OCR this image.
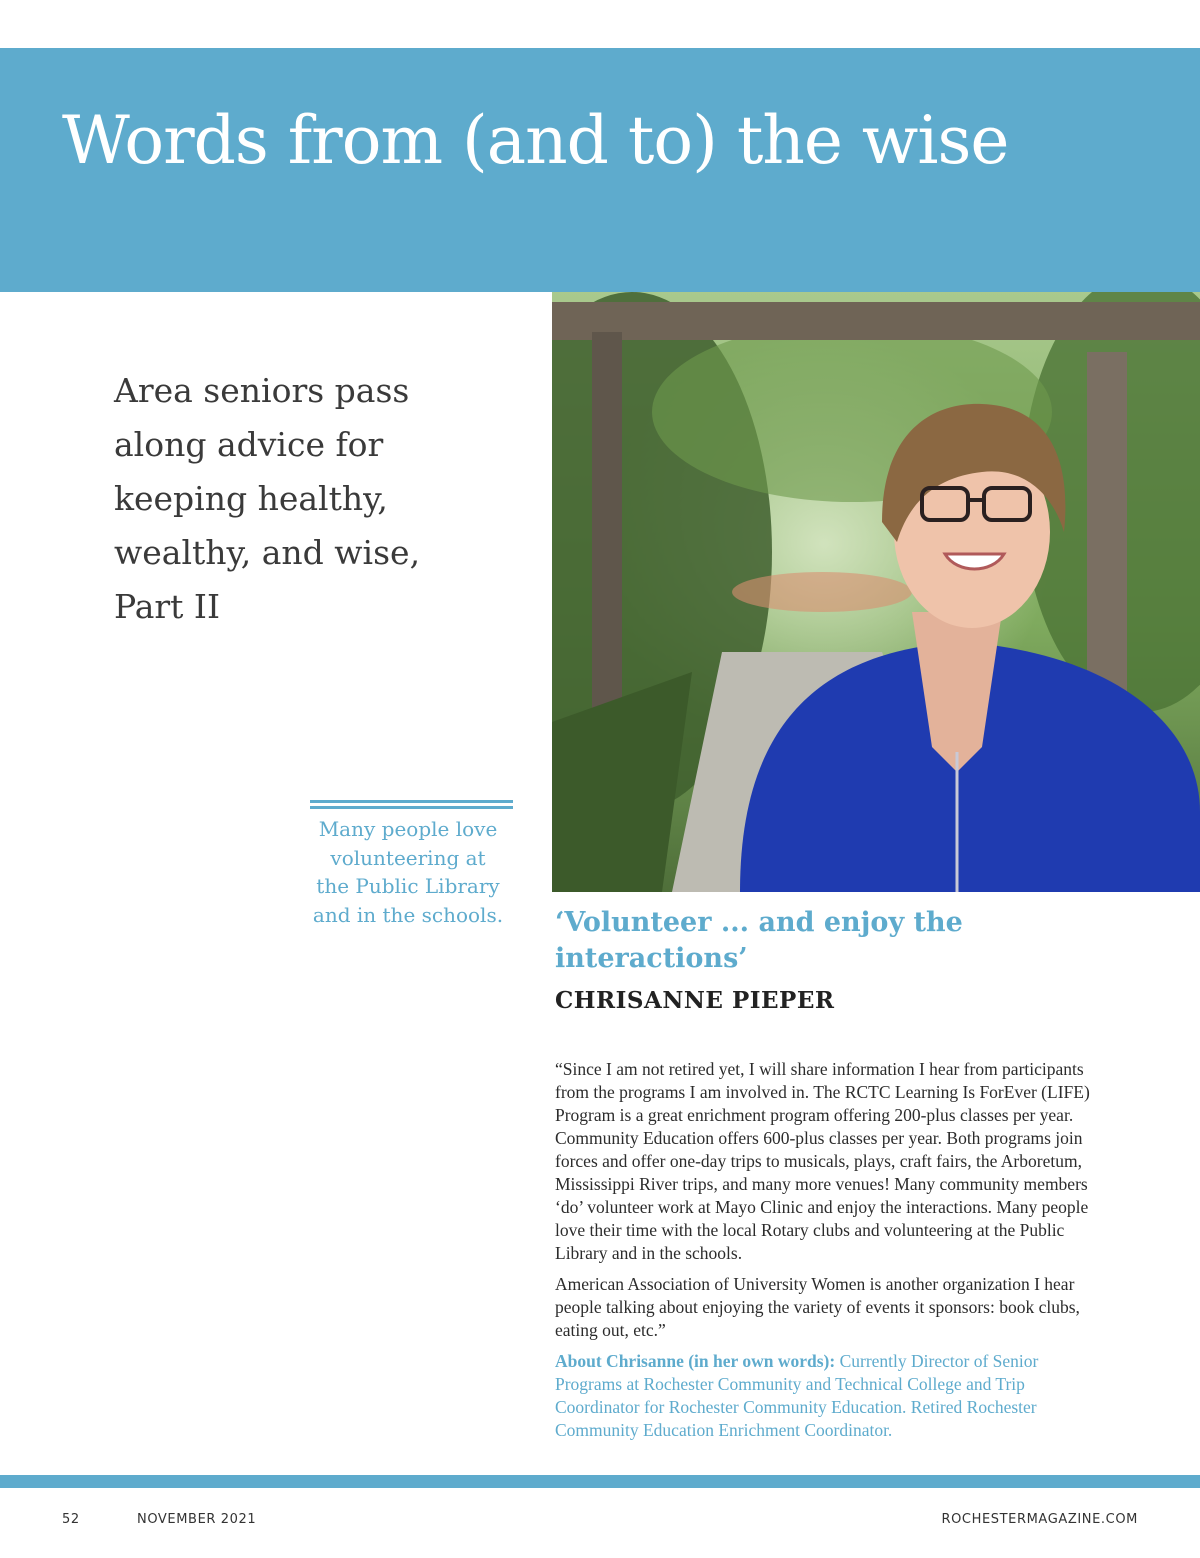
Words from (and to) the wise
Area seniors pass
along advice for
keeping healthy,
wealthy, and wise,
Part II
Many people love
volunteering at
the Public Library
and in the schools.	‘Volunteer ... and enjoy the
interactions’
CHRISANNE PIEPER

“Since I am not retired yet, I will share information I hear from participants
from the programs I am involved in. The RCTC Learning Is ForEver (LIFE)
Program is a great enrichment program offering 200-plus classes per year.
Community Education offers 600-plus classes per year. Both programs join
forces and offer one-day trips to musicals, plays, craft fairs, the Arboretum,
Mississippi River trips, and many more venues! Many community members
‘do’ volunteer work at Mayo Clinic and enjoy the interactions. Many people
love their time with the local Rotary clubs and volunteering at the Public
Library and in the schools.

American Association of University Women is another organization I hear
people talking about enjoying the variety of events it sponsors: book clubs,
eating out, etc.”

About Chrisanne (in her own words): Currently Director of Senior
Programs at Rochester Community and Technical College and Trip
Coordinator for Rochester Community Education. Retired Rochester
Community Education Enrichment Coordinator.

52	NOVEMBER 2021	ROCHESTERMAGAZINE.COM
